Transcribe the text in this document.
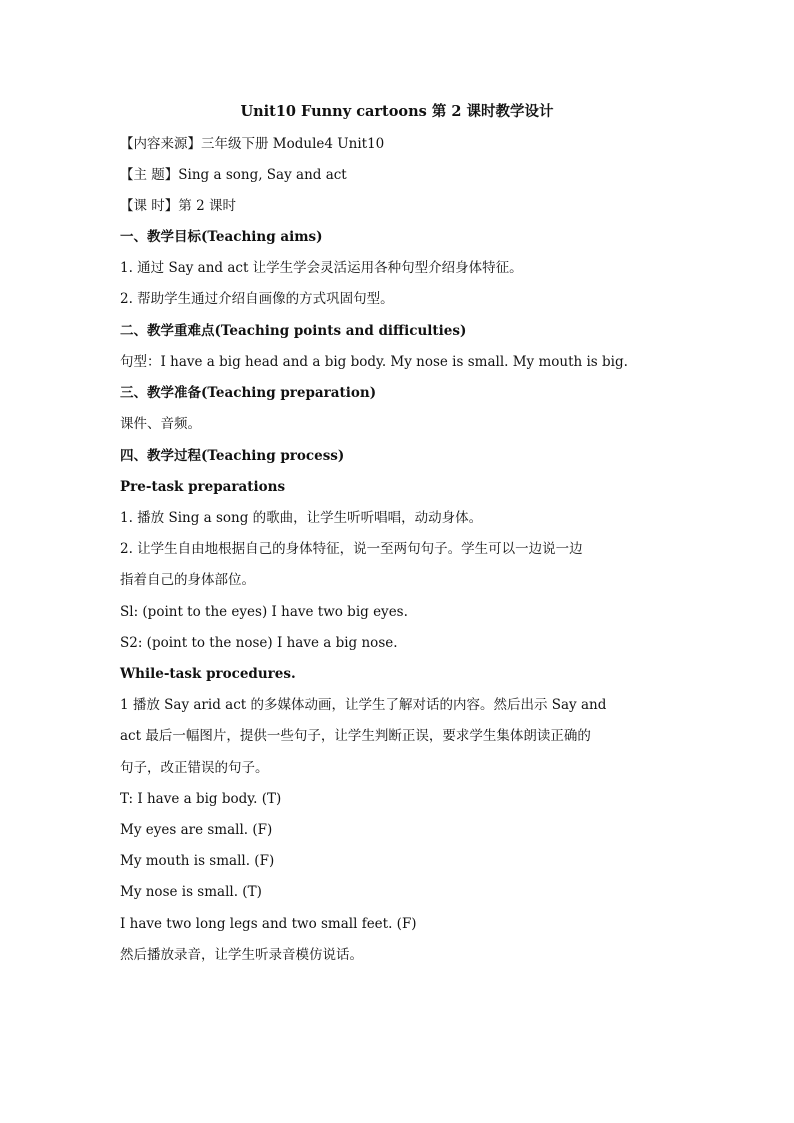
Unit10 Funny cartoons 第 2 课时教学设计
【内容来源】三年级下册 Module4 Unit10
【主 题】Sing a song, Say and act
【课 时】第 2 课时
一、教学目标(Teaching aims)
1. 通过 Say and act 让学生学会灵活运用各种句型介绍身体特征。
2. 帮助学生通过介绍自画像的方式巩固句型。
二、教学重难点(Teaching points and difficulties)
句型：I have a big head and a big body. My nose is small. My mouth is big.
三、教学准备(Teaching preparation)
课件、音频。
四、教学过程(Teaching process)
Pre-task preparations
1. 播放 Sing a song 的歌曲，让学生听听唱唱，动动身体。
2. 让学生自由地根据自己的身体特征，说一至两句句子。学生可以一边说一边
指着自己的身体部位。
Sl: (point to the eyes) I have two big eyes.
S2: (point to the nose) I have a big nose.
While-task procedures.
1 播放 Say arid act 的多媒体动画，让学生了解对话的内容。然后出示 Say and
act 最后一幅图片，提供一些句子，让学生判断正误，要求学生集体朗读正确的
句子，改正错误的句子。
T: I have a big body. (T)
My eyes are small. (F)
My mouth is small. (F)
My nose is small. (T)
I have two long legs and two small feet. (F)
然后播放录音，让学生听录音模仿说话。
